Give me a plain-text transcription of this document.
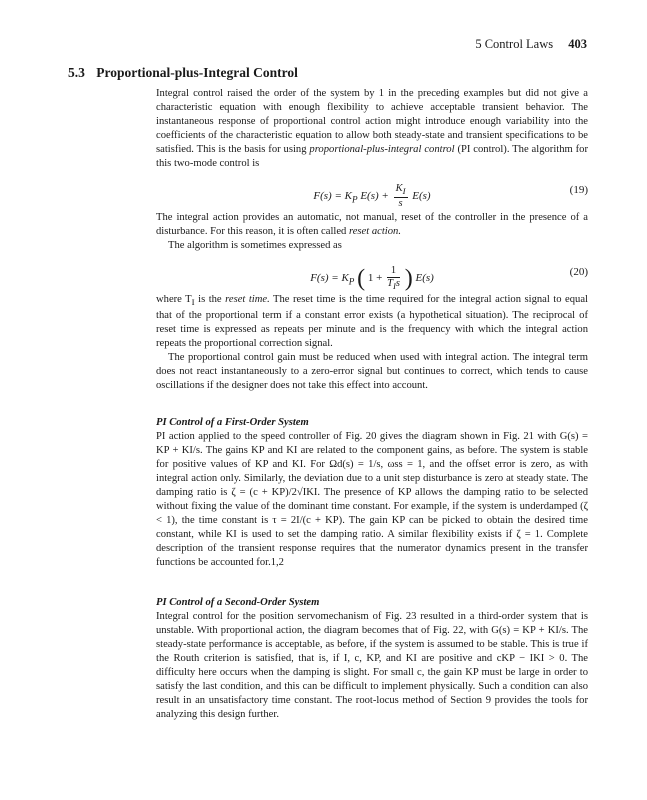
5 Control Laws 403
5.3 Proportional-plus-Integral Control

Integral control raised the order of the system by 1 in the preceding examples but did not give a characteristic equation with enough flexibility to achieve acceptable transient behavior. The instantaneous response of proportional control action might introduce enough variability into the coefficients of the characteristic equation to allow both steady-state and transient specifications to be satisfied. This is the basis for using proportional-plus-integral control (PI control). The algorithm for this two-mode control is

$F(s) = K_P$ $E(s) + \frac{K_I}{s} E(s)$
(19)

The integral action provides an automatic, not manual, reset of the controller in the presence of a disturbance. For this reason, it is often called reset action.

The algorithm is sometimes expressed as

$F(s) = K_P$ ( $1 + \frac{1}{T_Is}$ ) E(s)
(20)

where $T_I$ is the reset time. The reset time is the time required for the integral action signal to equal that of the proportional term if a constant error exists (a hypothetical situation). The reciprocal of reset time is expressed as repeats per minute and is the frequency with which the integral action repeats the proportional correction signal.

The proportional control gain must be reduced when used with integral action. The integral term does not react instantaneously to a zero-error signal but continues to correct, which tends to cause oscillations if the designer does not take this effect into account.

PI Control of a First-Order System

PI action applied to the speed controller of Fig. 20 gives the diagram shown in Fig. 21 with G(s) = KP + KI/s. The gains KP and KI are related to the component gains, as before. The system is stable for positive values of KP and KI. For Ωd(s) = 1/s, ωss = 1, and the offset error is zero, as with integral action only. Similarly, the deviation due to a unit step disturbance is zero at steady state. The damping ratio is ζ = (c + KP)/2√IKI. The presence of KP allows the damping ratio to be selected without fixing the value of the dominant time constant. For example, if the system is underdamped (ζ < 1), the time constant is τ = 2I/(c + KP). The gain KP can be picked to obtain the desired time constant, while KI is used to set the damping ratio. A similar flexibility exists if ζ = 1. Complete description of the transient response requires that the numerator dynamics present in the transfer functions be accounted for.1,2

PI Control of a Second-Order System

Integral control for the position servomechanism of Fig. 23 resulted in a third-order system that is unstable. With proportional action, the diagram becomes that of Fig. 22, with G(s) = KP + KI/s. The steady-state performance is acceptable, as before, if the system is assumed to be stable. This is true if the Routh criterion is satisfied, that is, if I, c, KP, and KI are positive and cKP − IKI > 0. The difficulty here occurs when the damping is slight. For small c, the gain KP must be large in order to satisfy the last condition, and this can be difficult to implement physically. Such a condition can also result in an unsatisfactory time constant. The root-locus method of Section 9 provides the tools for analyzing this design further.
